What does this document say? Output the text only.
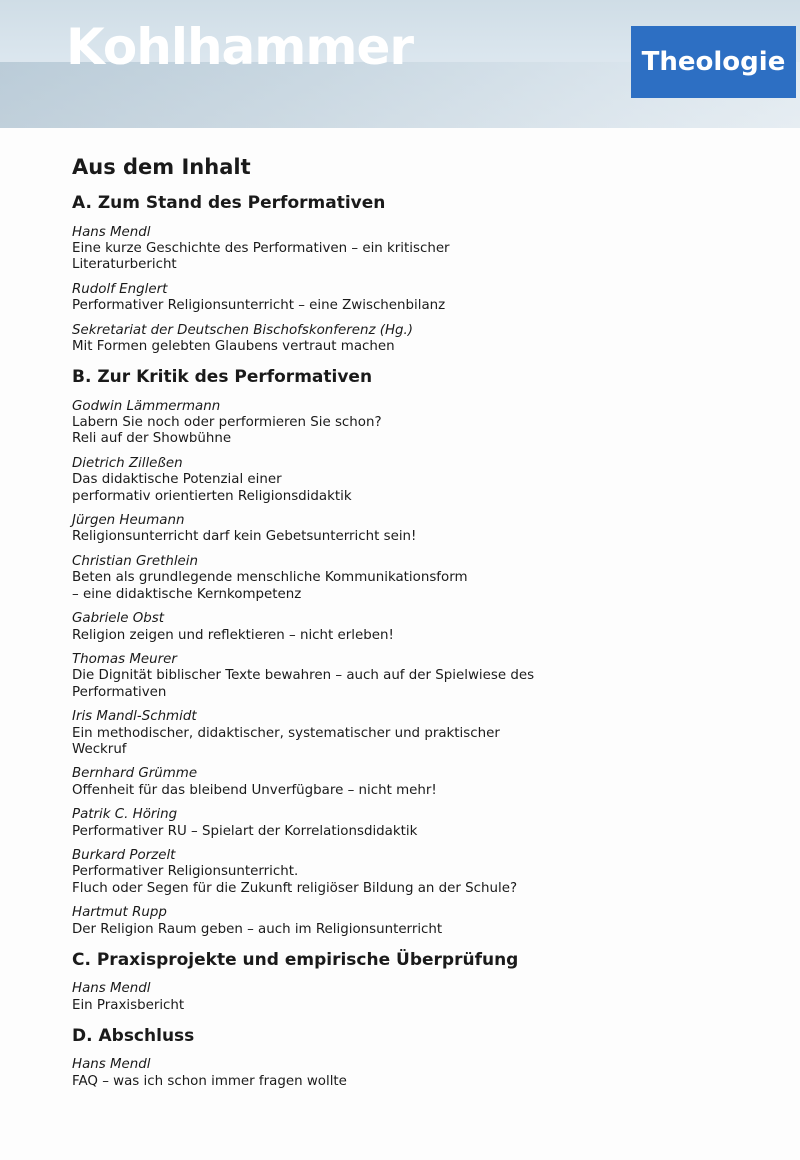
Kohlhammer	Theologie
Aus dem Inhalt
A. Zum Stand des Performativen
Hans Mendl
Eine kurze Geschichte des Performativen – ein kritischer
Literaturbericht
Rudolf Englert
Performativer Religionsunterricht – eine Zwischenbilanz
Sekretariat der Deutschen Bischofskonferenz (Hg.)
Mit Formen gelebten Glaubens vertraut machen
B. Zur Kritik des Performativen
Godwin Lämmermann
Labern Sie noch oder performieren Sie schon?
Reli auf der Showbühne
Dietrich Zilleßen
Das didaktische Potenzial einer
performativ orientierten Religionsdidaktik
Jürgen Heumann
Religionsunterricht darf kein Gebetsunterricht sein!
Christian Grethlein
Beten als grundlegende menschliche Kommunikationsform
– eine didaktische Kernkompetenz
Gabriele Obst
Religion zeigen und reflektieren – nicht erleben!
Thomas Meurer
Die Dignität biblischer Texte bewahren – auch auf der Spielwiese des
Performativen
Iris Mandl-Schmidt
Ein methodischer, didaktischer, systematischer und praktischer
Weckruf
Bernhard Grümme
Offenheit für das bleibend Unverfügbare – nicht mehr!
Patrik C. Höring
Performativer RU – Spielart der Korrelationsdidaktik
Burkard Porzelt
Performativer Religionsunterricht.
Fluch oder Segen für die Zukunft religiöser Bildung an der Schule?
Hartmut Rupp
Der Religion Raum geben – auch im Religionsunterricht
C. Praxisprojekte und empirische Überprüfung
Hans Mendl
Ein Praxisbericht
D. Abschluss
Hans Mendl
FAQ – was ich schon immer fragen wollte
